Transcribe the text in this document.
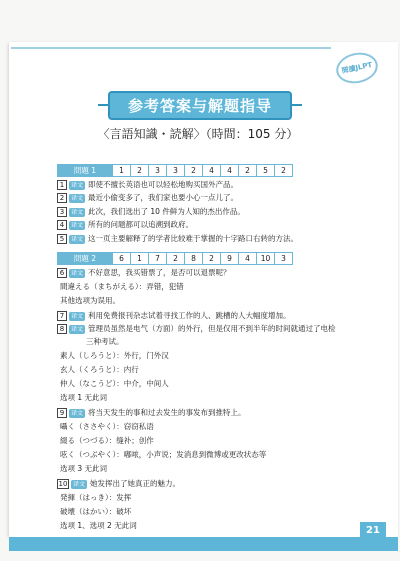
閱讀JLPT
参考答案与解题指导
〈言語知識・読解〉（時間：105 分）
問題 1	1	2	3	3	2	4	4	2	5	2
1 译文 即使不擅长英语也可以轻松地购买国外产品。
2 译文 最近小偷变多了，我们家也要小心一点儿了。
3 译文 此次，我们选出了 10 件鲜为人知的杰出作品。
4 译文 所有的问题都可以追溯到政府。
5 译文 这一页主要解释了的学者比较难于掌握的十字路口右转的方法。
問題 2	6	1	7	2	8	2	9	4	10	3
6 译文 不好意思，我买错票了，是否可以退票呢？
間違える（まちがえる）：弄错，犯错
其他选项为误用。
7 译文 利用免费报刊杂志试着寻找工作的人、跳槽的人大幅度增加。
8 译文 管理员虽然是电气（方面）的外行，但是仅用不到半年的时间就通过了电检
三种考试。
素人（しろうと）：外行，门外汉
玄人（くろうと）：内行
仲人（なこうど）：中介，中间人
选项 1 无此词
9 译文 将当天发生的事和过去发生的事发布到推特上。
囁く（ささやく）：窃窃私语
綴る（つづる）：缝补；创作
呟く（つぶやく）：嘟哝，小声说；发消息到微博或更改状态等
选项 3 无此词
10 译文 她发挥出了她真正的魅力。
発揮（はっき）：发挥
破壊（はかい）：破坏
选项 1、选项 2 无此词	21
